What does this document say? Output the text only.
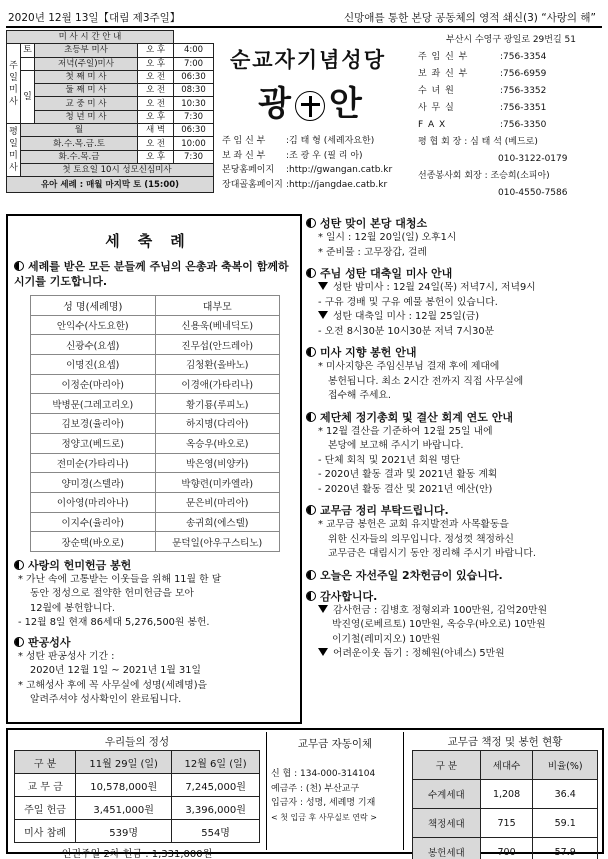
2020년 12월 13일【대림 제3주일】	신망애를 통한 본당 공동체의 영적 쇄신(3) “사랑의 해”
미 사 시 간 안 내				
주
일
미
사	토	초등부 미사	오 후	4:00
		저녁(주일)미사	오 후	7:00
	일	첫 째 미 사	오 전	06:30
		둘 째 미 사	오 전	08:30
		교 중 미 사	오 전	10:30
		청 년 미 사	오 후	7:30
평
일
미
사	월		새 벽	06:30
	화.수.목.금.토		오 전	10:00
	화.수.목.금		오 후	7:30
	첫 토요일 10시 성모신심미사			
유아 세례 : 매월 마지막 토 (15:00)				
순교자기념성당
광 안
주 임 신 부	: 김 태 형 (세례자요한)
보 좌 신 부	: 조 광 우 (필 리 아)
본당홈페이지	: http://gwangan.catb.kr
장대골홈페이지 : http://jangdae.catb.kr
부산시 수영구 광일로 29번길 51
주 임 신 부	: 756-3354
보 좌 신 부	: 756-6959
수 녀 원	: 756-3352
사 무 실	: 756-3351
F A X	: 756-3350
평 협 회 장 : 심 태 석 (베드로)
010-3122-0179
선종봉사회 회장 : 조승희(소피아)
010-4550-7586
세축례
세례를 받은 모든 분들께 주님의 은총과 축복이 함께하시기를 기도합니다.
성 명(세례명)	대부모
안익수(사도요한)	신용욱(베네딕도)
신광수(요셉)	진무섭(안드레아)
이명진(요셉)	김청환(올바노)
이정순(마리아)	이경애(가타리나)
박병문(그레고리오)	황기룡(루피노)
김보경(율리아)	하지명(다리아)
정양고(베드로)	옥승우(바오로)
전미순(가타리나)	박은영(비양카)
양미경(스텔라)	박향련(미카엘라)
이아영(마리아나)	문은비(마리아)
이지수(율리아)	송귀희(에스텔)
장순택(바오로)	문덕일(아우구스티노)
사랑의 헌미헌금 봉헌
* 가난 속에 고통받는 이웃들을 위해 11월 한 달
동안 정성으로 절약한 헌미헌금을 모아
12월에 봉헌합니다.
- 12월 8일 현재 86세대 5,276,500원 봉헌.
판공성사
* 성탄 판공성사 기간 :
2020년 12월 1일 ~ 2021년 1월 31일
* 고해성사 후에 꼭 사무실에 성명(세례명)을
알려주셔야 성사확인이 완료됩니다.
성탄 맞이 본당 대청소
* 일시 : 12월 20일(일) 오후1시
* 준비물 : 고무장갑, 걸레
주님 성탄 대축일 미사 안내
성탄 밤미사 : 12월 24일(목) 저녁7시, 저녁9시
- 구유 경배 및 구유 예물 봉헌이 있습니다.
성탄 대축일 미사 : 12월 25일(금)
- 오전 8시30분 10시30분 저녁 7시30분
미사 지향 봉헌 안내
* 미사지향은 주임신부님 결재 후에 제대에
봉헌됩니다. 최소 2시간 전까지 직접 사무실에
접수해 주세요.
제단체 정기총회 및 결산 회계 연도 안내
* 12월 결산을 기준하여 12월 25일 내에
본당에 보고해 주시기 바랍니다.
- 단체 회칙 및 2021년 회원 명단
- 2020년 활동 결과 및 2021년 활동 계획
- 2020년 활동 결산 및 2021년 예산(안)
교무금 정리 부탁드립니다.
* 교무금 봉헌은 교회 유지발전과 사목활동을
위한 신자들의 의무입니다. 정성껏 책정하신
교무금은 대림시기 동안 정리해 주시기 바랍니다.
오늘은 자선주일 2차헌금이 있습니다.
감사합니다.
감사헌금 : 김병호 정형외과 100만원, 김억20만원
박진영(로베르토) 10만원, 옥승우(바오로) 10만원
이기철(레미지오) 10만원
어려운이웃 돕기 : 정혜원(아녜스) 5만원
우리들의 정성
구 분	11월 29일 (일)	12월 6일 (일)
교 무 금	10,578,000원	7,245,000원
주일 헌금	3,451,000원	3,396,000원
미사 참례	539명	554명
인권주일 2차 헌금 : 1,331,000원
교무금 자동이체
신 협 : 134-000-314104
예금주 : (천) 부산교구
입금자 : 성명, 세례명 기재
< 첫 입금 후 사무실로 연락 >
교무금 책정 및 봉헌 현황
구 분	세대수	비율(%)
수계세대	1,208	36.4
책정세대	715	59.1
봉헌세대	700	57.9
